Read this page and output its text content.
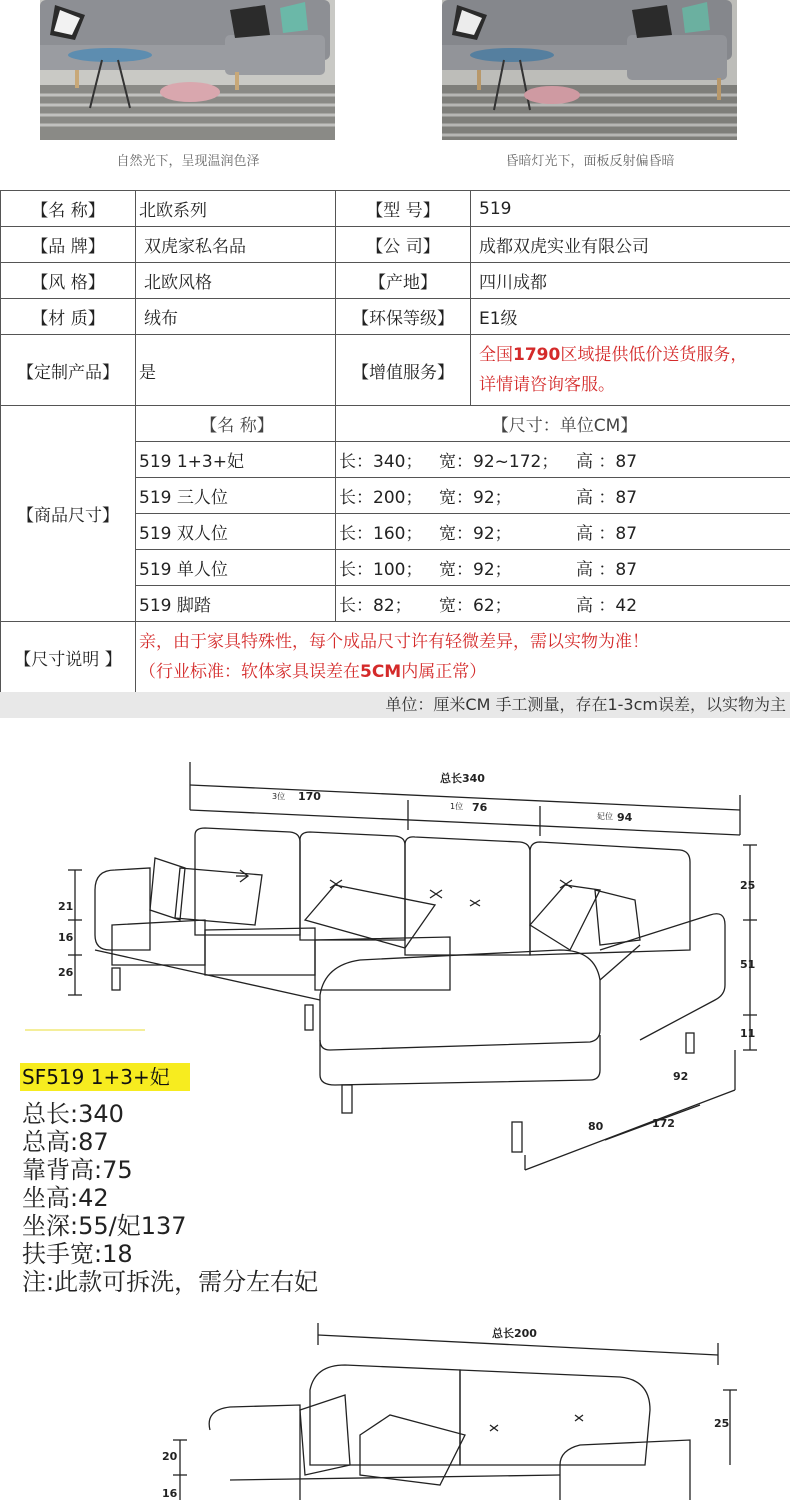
自然光下，呈现温润色泽	昏暗灯光下，面板反射偏昏暗
【名 称】	北欧系列	【型 号】	519
【品 牌】	双虎家私名品	【公 司】	成都双虎实业有限公司
【风 格】	北欧风格	【产地】	四川成都
【材 质】	绒布	【环保等级】	E1级
【定制产品】	是	【增值服务】	全国1790区域提供低价送货服务，
详情请咨询客服。

【商品尺寸】	【名 称】	【尺寸：单位CM】	
	519 1+3+妃	长：340； 宽：92~172； 高 ：87	
	519 三人位	长：200； 宽：92； 高 ：87	
	519 双人位	长：160； 宽：92； 高 ：87	
	519 单人位	长：100； 宽：92； 高 ：87	
	519 脚踏	长：82； 宽：62； 高 ：42	
【尺寸说明 】	亲，由于家具特殊性，每个成品尺寸许有轻微差异，需以实物为准！
（行业标准：软体家具误差在5CM内属正常）		
单位：厘米CM 手工测量，存在1-3cm误差，以实物为主
总长340
3位 170
1位 76
妃位 94
21
16
26
25
51
11
92
80	172
SF519 1+3+妃
总长:340
总高:87
靠背高:75
坐高:42
坐深:55/妃137
扶手宽:18
注:此款可拆洗，需分左右妃
总长200
25
20
16
